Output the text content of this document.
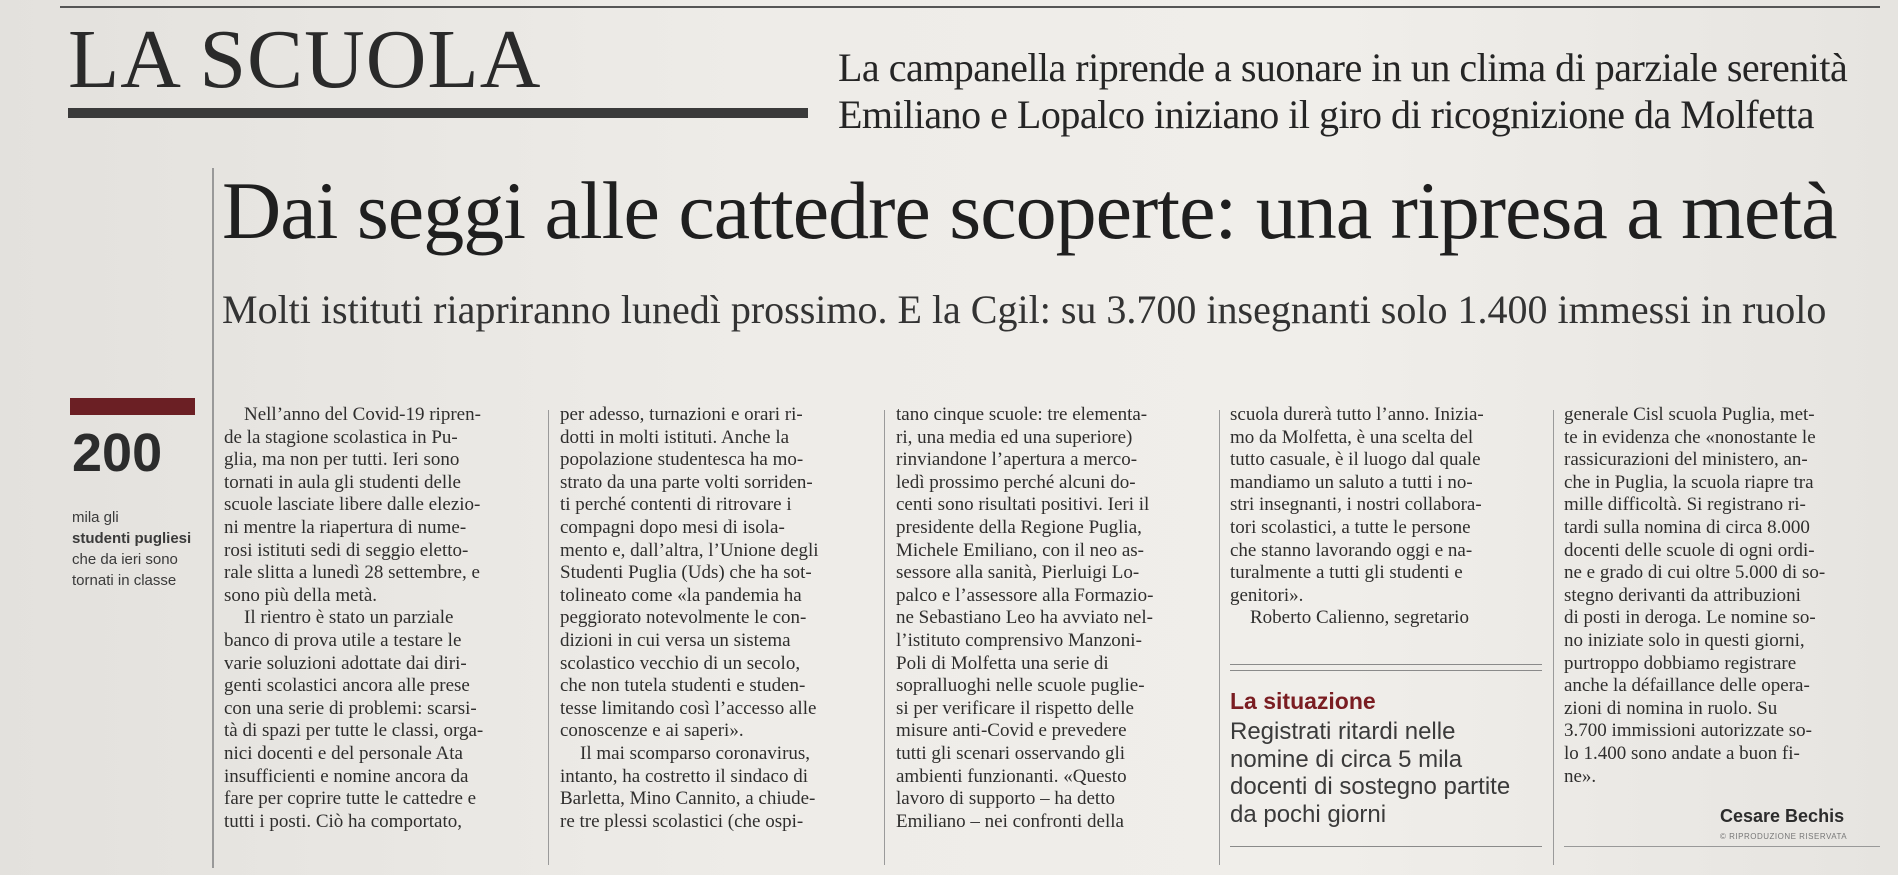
LA SCUOLA	La campanella riprende a suonare in un clima di parziale serenità
Emiliano e Lopalco iniziano il giro di ricognizione da Molfetta
Dai seggi alle cattedre scoperte: una ripresa a metà
Molti istituti riapriranno lunedì prossimo. E la Cgil: su 3.700 insegnanti solo 1.400 immessi in ruolo
200
mila gli
studenti pugliesi
che da ieri sono tornati in classe

Nell’anno del Covid-19 ripren-

de la stagione scolastica in Pu-

glia, ma non per tutti. Ieri sono

tornati in aula gli studenti delle

scuole lasciate libere dalle elezio-

ni mentre la riapertura di nume-

rosi istituti sedi di seggio eletto-

rale slitta a lunedì 28 settembre, e

sono più della metà.

Il rientro è stato un parziale

banco di prova utile a testare le

varie soluzioni adottate dai diri-

genti scolastici ancora alle prese

con una serie di problemi: scarsi-

tà di spazi per tutte le classi, orga-

nici docenti e del personale Ata

insufficienti e nomine ancora da

fare per coprire tutte le cattedre e

tutti i posti. Ciò ha comportato,

per adesso, turnazioni e orari ri-

dotti in molti istituti. Anche la

popolazione studentesca ha mo-

strato da una parte volti sorriden-

ti perché contenti di ritrovare i

compagni dopo mesi di isola-

mento e, dall’altra, l’Unione degli

Studenti Puglia (Uds) che ha sot-

tolineato come «la pandemia ha

peggiorato notevolmente le con-

dizioni in cui versa un sistema

scolastico vecchio di un secolo,

che non tutela studenti e studen-

tesse limitando così l’accesso alle

conoscenze e ai saperi».

Il mai scomparso coronavirus,

intanto, ha costretto il sindaco di

Barletta, Mino Cannito, a chiude-

re tre plessi scolastici (che ospi-

tano cinque scuole: tre elementa-

ri, una media ed una superiore)

rinviandone l’apertura a merco-

ledì prossimo perché alcuni do-

centi sono risultati positivi. Ieri il

presidente della Regione Puglia,

Michele Emiliano, con il neo as-

sessore alla sanità, Pierluigi Lo-

palco e l’assessore alla Formazio-

ne Sebastiano Leo ha avviato nel-

l’istituto comprensivo Manzoni-

Poli di Molfetta una serie di

sopralluoghi nelle scuole puglie-

si per verificare il rispetto delle

misure anti-Covid e prevedere

tutti gli scenari osservando gli

ambienti funzionanti. «Questo

lavoro di supporto – ha detto

Emiliano – nei confronti della

scuola durerà tutto l’anno. Inizia-

mo da Molfetta, è una scelta del

tutto casuale, è il luogo dal quale

mandiamo un saluto a tutti i no-

stri insegnanti, i nostri collabora-

tori scolastici, a tutte le persone

che stanno lavorando oggi e na-

turalmente a tutti gli studenti e

genitori».

Roberto Calienno, segretario

generale Cisl scuola Puglia, met-

te in evidenza che «nonostante le

rassicurazioni del ministero, an-

che in Puglia, la scuola riapre tra

mille difficoltà. Si registrano ri-

tardi sulla nomina di circa 8.000

docenti delle scuole di ogni ordi-

ne e grado di cui oltre 5.000 di so-

stegno derivanti da attribuzioni

di posti in deroga. Le nomine so-

no iniziate solo in questi giorni,

purtroppo dobbiamo registrare

anche la défaillance delle opera-

zioni di nomina in ruolo. Su

3.700 immissioni autorizzate so-

lo 1.400 sono andate a buon fi-

ne».

La situazione
Registrati ritardi nelle nomine di circa 5 mila docenti di sostegno partite da pochi giorni	Cesare Bechis
© RIPRODUZIONE RISERVATA
